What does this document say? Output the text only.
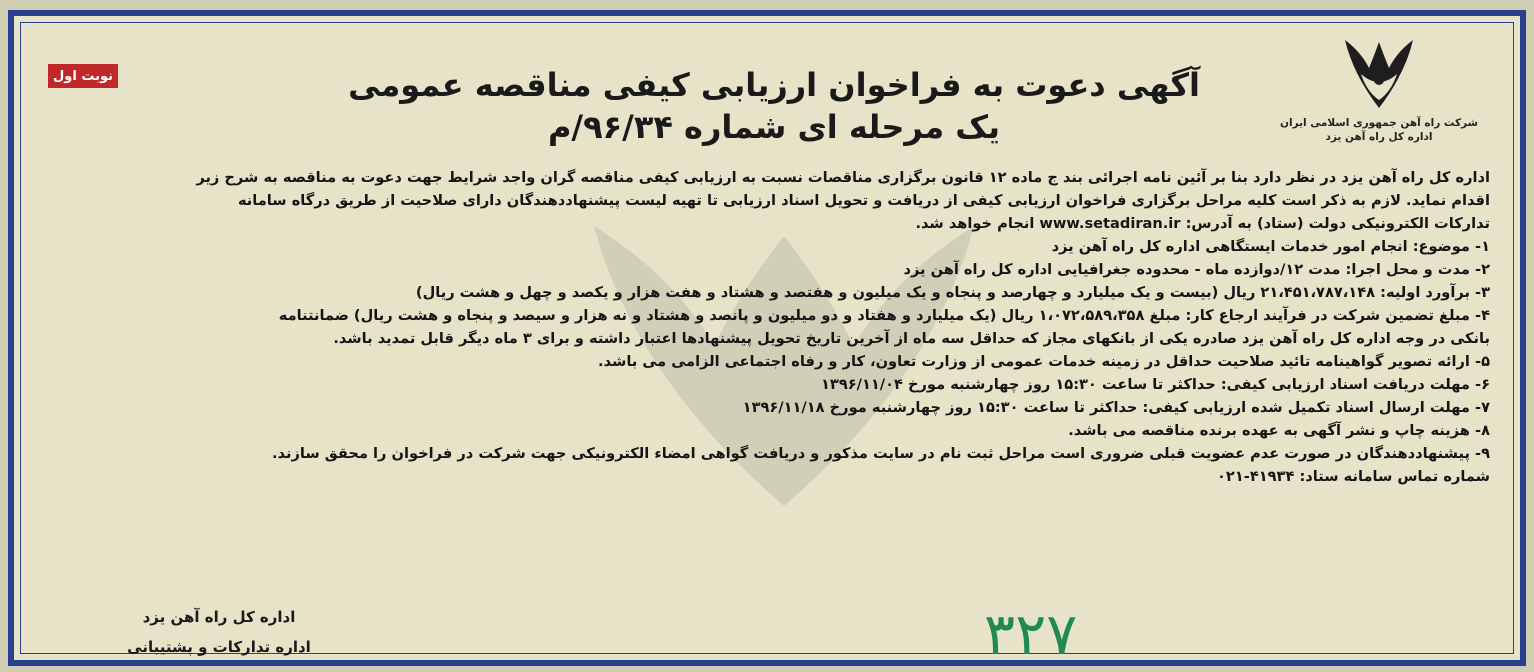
نوبت اول
شرکت راه آهن جمهوری اسلامی ایران
اداره کل راه آهن یزد
آگهی دعوت به فراخوان ارزیابی کیفی مناقصه عمومی
یک مرحله ای شماره ۹۶/۳۴/م
اداره کل راه آهن یزد در نظر دارد بنا بر آئین نامه اجرائی بند ج ماده ۱۲ قانون برگزاری مناقصات نسبت به ارزیابی کیفی مناقصه گران واجد شرایط جهت دعوت به مناقصه به شرح زیر
اقدام نماید. لازم به ذکر است کلیه مراحل برگزاری فراخوان ارزیابی کیفی از دریافت و تحویل اسناد ارزیابی تا تهیه لیست پیشنهاددهندگان دارای صلاحیت از طریق درگاه سامانه
تدارکات الکترونیکی دولت (ستاد) به آدرس: www.setadiran.ir انجام خواهد شد.
۱- موضوع: انجام امور خدمات ایستگاهی اداره کل راه آهن یزد
۲- مدت و محل اجرا: مدت ۱۲/دوازده ماه - محدوده جغرافیایی اداره کل راه آهن یزد
۳- برآورد اولیه: ۲۱،۴۵۱،۷۸۷،۱۴۸ ریال (بیست و یک میلیارد و چهارصد و پنجاه و یک میلیون و هفتصد و هشتاد و هفت هزار و یکصد و چهل و هشت ریال)
۴- مبلغ تضمین شرکت در فرآیند ارجاع کار: مبلغ ۱،۰۷۲،۵۸۹،۳۵۸ ریال (یک میلیارد و هفتاد و دو میلیون و پانصد و هشتاد و نه هزار و سیصد و پنجاه و هشت ریال) ضمانتنامه
بانکی در وجه اداره کل راه آهن یزد صادره یکی از بانکهای مجاز که حداقل سه ماه از آخرین تاریخ تحویل پیشنهادها اعتبار داشته و برای ۳ ماه دیگر قابل تمدید باشد.
۵- ارائه تصویر گواهینامه تائید صلاحیت حداقل در زمینه خدمات عمومی از وزارت تعاون، کار و رفاه اجتماعی الزامی می باشد.
۶- مهلت دریافت اسناد ارزیابی کیفی: حداکثر تا ساعت ۱۵:۳۰ روز چهارشنبه مورخ ۱۳۹۶/۱۱/۰۴
۷- مهلت ارسال اسناد تکمیل شده ارزیابی کیفی: حداکثر تا ساعت ۱۵:۳۰ روز چهارشنبه مورخ ۱۳۹۶/۱۱/۱۸
۸- هزینه چاپ و نشر آگهی به عهده برنده مناقصه می باشد.
۹- پیشنهاددهندگان در صورت عدم عضویت قبلی ضروری است مراحل ثبت نام در سایت مذکور و دریافت گواهی امضاء الکترونیکی جهت شرکت در فراخوان را محقق سازند.
شماره تماس سامانه ستاد: ۴۱۹۳۴-۰۲۱
اداره کل راه آهن یزد
اداره تدارکات و پشتیبانی	۳۲۷
